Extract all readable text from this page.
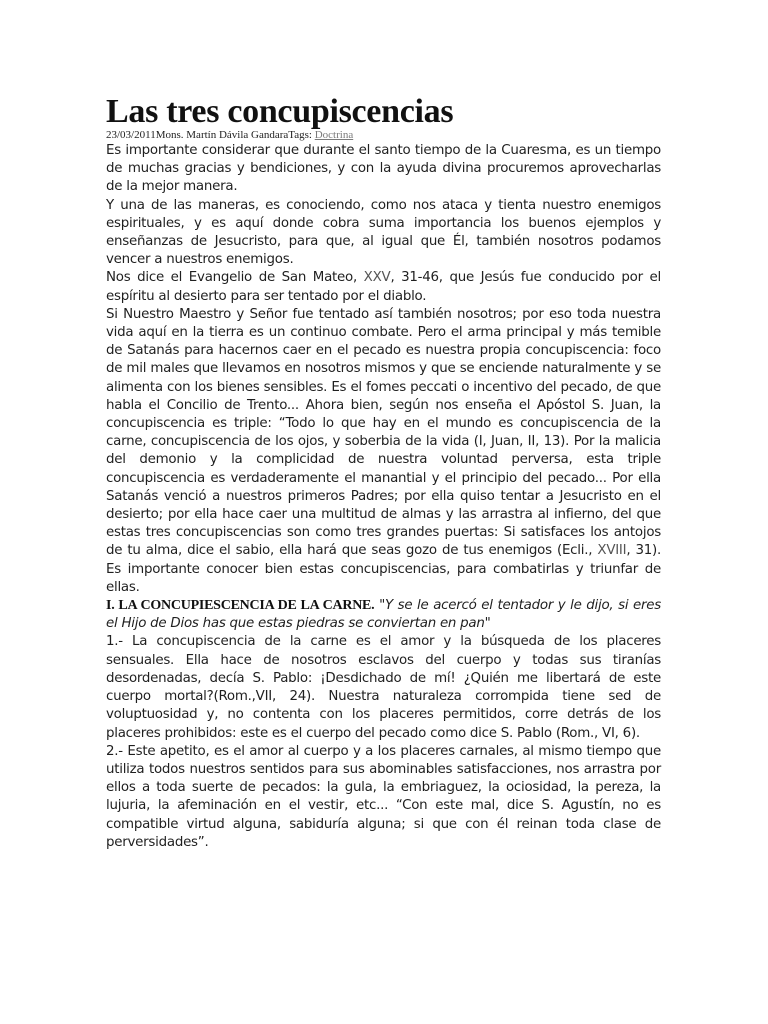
Las tres concupiscencias
23/03/2011Mons. Martín Dávila GandaraTags: Doctrina

Es importante considerar que durante el santo tiempo de la Cuaresma, es un tiempo de muchas gracias y bendiciones, y con la ayuda divina procuremos aprovecharlas de la mejor manera.

Y una de las maneras, es conociendo, como nos ataca y tienta nuestro enemigos espirituales, y es aquí donde cobra suma importancia los buenos ejemplos y enseñanzas de Jesucristo, para que, al igual que Él, también nosotros podamos vencer a nuestros enemigos.

Nos dice el Evangelio de San Mateo, XXV, 31-46, que Jesús fue conducido por el espíritu al desierto para ser tentado por el diablo.

Si Nuestro Maestro y Señor fue tentado así también nosotros; por eso toda nuestra vida aquí en la tierra es un continuo combate. Pero el arma principal y más temible de Satanás para hacernos caer en el pecado es nuestra propia concupiscencia: foco de mil males que llevamos en nosotros mismos y que se enciende naturalmente y se alimenta con los bienes sensibles. Es el fomes peccati o incentivo del pecado, de que habla el Concilio de Trento... Ahora bien, según nos enseña el Apóstol S. Juan, la concupiscencia es triple: “Todo lo que hay en el mundo es concupiscencia de la carne, concupiscencia de los ojos, y soberbia de la vida (I, Juan, II, 13). Por la malicia del demonio y la complicidad de nuestra voluntad perversa, esta triple concupiscencia es verdaderamente el manantial y el principio del pecado... Por ella Satanás venció a nuestros primeros Padres; por ella quiso tentar a Jesucristo en el desierto; por ella hace caer una multitud de almas y las arrastra al infierno, del que estas tres concupiscencias son como tres grandes puertas: Si satisfaces los antojos de tu alma, dice el sabio, ella hará que seas gozo de tus enemigos (Ecli., XVIII, 31). Es importante conocer bien estas concupiscencias, para combatirlas y triunfar de ellas.

I. LA CONCUPIESCENCIA DE LA CARNE. "Y se le acercó el tentador y le dijo, si eres el Hijo de Dios has que estas piedras se conviertan en pan"

1.- La concupiscencia de la carne es el amor y la búsqueda de los placeres sensuales. Ella hace de nosotros esclavos del cuerpo y todas sus tiranías desordenadas, decía S. Pablo: ¡Desdichado de mí! ¿Quién me libertará de este cuerpo mortal?(Rom.,VII, 24). Nuestra naturaleza corrompida tiene sed de voluptuosidad y, no contenta con los placeres permitidos, corre detrás de los placeres prohibidos: este es el cuerpo del pecado como dice S. Pablo (Rom., VI, 6).

2.- Este apetito, es el amor al cuerpo y a los placeres carnales, al mismo tiempo que utiliza todos nuestros sentidos para sus abominables satisfacciones, nos arrastra por ellos a toda suerte de pecados: la gula, la embriaguez, la ociosidad, la pereza, la lujuria, la afeminación en el vestir, etc... “Con este mal, dice S. Agustín, no es compatible virtud alguna, sabiduría alguna; si que con él reinan toda clase de perversidades”.
